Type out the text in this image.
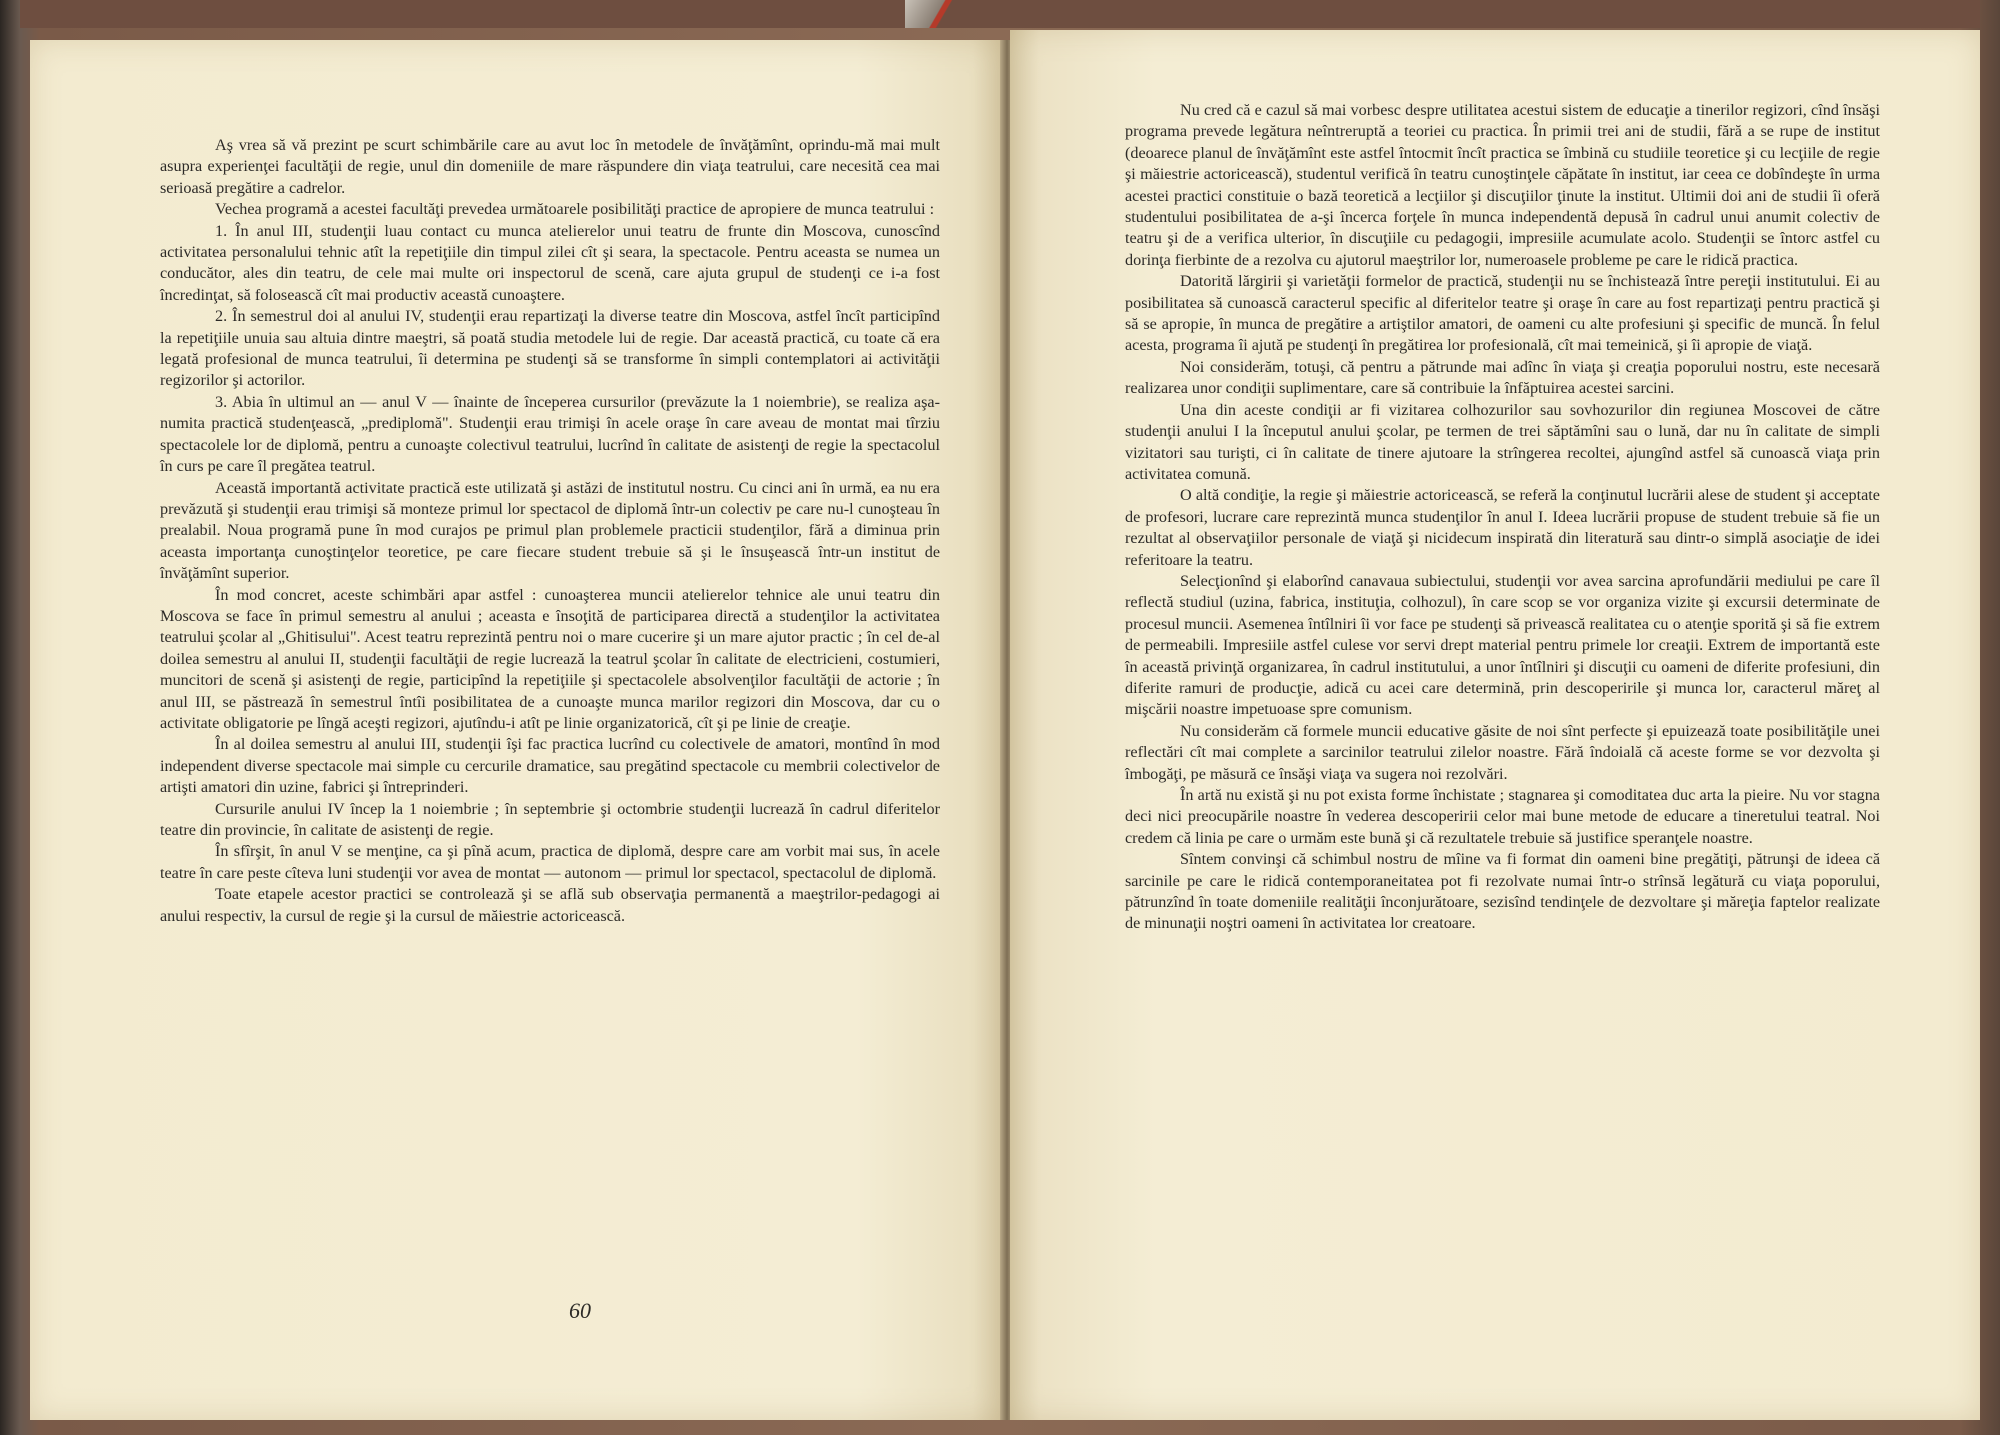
Aş vrea să vă prezint pe scurt schimbările care au avut loc în metodele de învăţămînt, oprindu-mă mai mult asupra experienţei facultăţii de regie, unul din domeniile de mare răspundere din viaţa teatrului, care necesită cea mai serioasă pregătire a cadrelor.

Vechea programă a acestei facultăţi prevedea următoarele posibilităţi practice de apropiere de munca teatrului :

1. În anul III, studenţii luau contact cu munca atelierelor unui teatru de frunte din Moscova, cunoscînd activitatea personalului tehnic atît la repetiţiile din timpul zilei cît şi seara, la spectacole. Pentru aceasta se numea un conducător, ales din teatru, de cele mai multe ori inspectorul de scenă, care ajuta grupul de studenţi ce i-a fost încredinţat, să folosească cît mai productiv această cunoaştere.

2. În semestrul doi al anului IV, studenţii erau repartizaţi la diverse teatre din Moscova, astfel încît participînd la repetiţiile unuia sau altuia dintre maeştri, să poată studia metodele lui de regie. Dar această practică, cu toate că era legată profesional de munca teatrului, îi determina pe studenţi să se transforme în simpli contemplatori ai activităţii regizorilor şi actorilor.

3. Abia în ultimul an — anul V — înainte de începerea cursurilor (prevăzute la 1 noiembrie), se realiza aşa-numita practică studenţească, „prediplomă". Studenţii erau trimişi în acele oraşe în care aveau de montat mai tîrziu spectacolele lor de diplomă, pentru a cunoaşte colectivul teatrului, lucrînd în calitate de asistenţi de regie la spectacolul în curs pe care îl pregătea teatrul.

Această importantă activitate practică este utilizată şi astăzi de institutul nostru. Cu cinci ani în urmă, ea nu era prevăzută şi studenţii erau trimişi să monteze primul lor spectacol de diplomă într-un colectiv pe care nu-l cunoşteau în prealabil. Noua programă pune în mod curajos pe primul plan problemele practicii studenţilor, fără a diminua prin aceasta importanţa cunoştinţelor teoretice, pe care fiecare student trebuie să şi le însuşească într-un institut de învăţămînt superior.

În mod concret, aceste schimbări apar astfel : cunoaşterea muncii atelierelor tehnice ale unui teatru din Moscova se face în primul semestru al anului ; aceasta e însoţită de participarea directă a studenţilor la activitatea teatrului şcolar al „Ghitisului". Acest teatru reprezintă pentru noi o mare cucerire şi un mare ajutor practic ; în cel de-al doilea semestru al anului II, studenţii facultăţii de regie lucrează la teatrul şcolar în calitate de electricieni, costumieri, muncitori de scenă şi asistenţi de regie, participînd la repetiţiile şi spectacolele absolvenţilor facultăţii de actorie ; în anul III, se păstrează în semestrul întîi posibilitatea de a cunoaşte munca marilor regizori din Moscova, dar cu o activitate obligatorie pe lîngă aceşti regizori, ajutîndu-i atît pe linie organizatorică, cît şi pe linie de creaţie.

În al doilea semestru al anului III, studenţii îşi fac practica lucrînd cu colectivele de amatori, montînd în mod independent diverse spectacole mai simple cu cercurile dramatice, sau pregătind spectacole cu membrii colectivelor de artişti amatori din uzine, fabrici şi întreprinderi.

Cursurile anului IV încep la 1 noiembrie ; în septembrie şi octombrie studenţii lucrează în cadrul diferitelor teatre din provincie, în calitate de asistenţi de regie.

În sfîrşit, în anul V se menţine, ca şi pînă acum, practica de diplomă, despre care am vorbit mai sus, în acele teatre în care peste cîteva luni studenţii vor avea de montat — autonom — primul lor spectacol, spectacolul de diplomă.

Toate etapele acestor practici se controlează şi se află sub observaţia permanentă a maeştrilor-pedagogi ai anului respectiv, la cursul de regie şi la cursul de măiestrie actoricească.

60

Nu cred că e cazul să mai vorbesc despre utilitatea acestui sistem de educaţie a tinerilor regizori, cînd însăşi programa prevede legătura neîntreruptă a teoriei cu practica. În primii trei ani de studii, fără a se rupe de institut (deoarece planul de învăţămînt este astfel întocmit încît practica se îmbină cu studiile teoretice şi cu lecţiile de regie şi măiestrie actoricească), studentul verifică în teatru cunoştinţele căpătate în institut, iar ceea ce dobîndeşte în urma acestei practici constituie o bază teoretică a lecţiilor şi discuţiilor ţinute la institut. Ultimii doi ani de studii îi oferă studentului posibilitatea de a-şi încerca forţele în munca independentă depusă în cadrul unui anumit colectiv de teatru şi de a verifica ulterior, în discuţiile cu pedagogii, impresiile acumulate acolo. Studenţii se întorc astfel cu dorinţa fierbinte de a rezolva cu ajutorul maeştrilor lor, numeroasele probleme pe care le ridică practica.

Datorită lărgirii şi varietăţii formelor de practică, studenţii nu se închistează între pereţii institutului. Ei au posibilitatea să cunoască caracterul specific al diferitelor teatre şi oraşe în care au fost repartizaţi pentru practică şi să se apropie, în munca de pregătire a artiştilor amatori, de oameni cu alte profesiuni şi specific de muncă. În felul acesta, programa îi ajută pe studenţi în pregătirea lor profesională, cît mai temeinică, şi îi apropie de viaţă.

Noi considerăm, totuşi, că pentru a pătrunde mai adînc în viaţa şi creaţia poporului nostru, este necesară realizarea unor condiţii suplimentare, care să contribuie la înfăptuirea acestei sarcini.

Una din aceste condiţii ar fi vizitarea colhozurilor sau sovhozurilor din regiunea Moscovei de către studenţii anului I la începutul anului şcolar, pe termen de trei săptămîni sau o lună, dar nu în calitate de simpli vizitatori sau turişti, ci în calitate de tinere ajutoare la strîngerea recoltei, ajungînd astfel să cunoască viaţa prin activitatea comună.

O altă condiţie, la regie şi măiestrie actoricească, se referă la conţinutul lucrării alese de student şi acceptate de profesori, lucrare care reprezintă munca studenţilor în anul I. Ideea lucrării propuse de student trebuie să fie un rezultat al observaţiilor personale de viaţă şi nicidecum inspirată din literatură sau dintr-o simplă asociaţie de idei referitoare la teatru.

Selecţionînd şi elaborînd canavaua subiectului, studenţii vor avea sarcina aprofundării mediului pe care îl reflectă studiul (uzina, fabrica, instituţia, colhozul), în care scop se vor organiza vizite şi excursii determinate de procesul muncii. Asemenea întîlniri îi vor face pe studenţi să privească realitatea cu o atenţie sporită şi să fie extrem de permeabili. Impresiile astfel culese vor servi drept material pentru primele lor creaţii. Extrem de importantă este în această privinţă organizarea, în cadrul institutului, a unor întîlniri şi discuţii cu oameni de diferite profesiuni, din diferite ramuri de producţie, adică cu acei care determină, prin descoperirile şi munca lor, caracterul măreţ al mişcării noastre impetuoase spre comunism.

Nu considerăm că formele muncii educative găsite de noi sînt perfecte şi epuizează toate posibilităţile unei reflectări cît mai complete a sarcinilor teatrului zilelor noastre. Fără îndoială că aceste forme se vor dezvolta şi îmbogăţi, pe măsură ce însăşi viaţa va sugera noi rezolvări.

În artă nu există şi nu pot exista forme închistate ; stagnarea şi comoditatea duc arta la pieire. Nu vor stagna deci nici preocupările noastre în vederea descoperirii celor mai bune metode de educare a tineretului teatral. Noi credem că linia pe care o urmăm este bună şi că rezultatele trebuie să justifice speranţele noastre.

Sîntem convinşi că schimbul nostru de mîine va fi format din oameni bine pregătiţi, pătrunşi de ideea că sarcinile pe care le ridică contemporaneitatea pot fi rezolvate numai într-o strînsă legătură cu viaţa poporului, pătrunzînd în toate domeniile realităţii înconjurătoare, sezisînd tendinţele de dezvoltare şi măreţia faptelor realizate de minunaţii noştri oameni în activitatea lor creatoare.
